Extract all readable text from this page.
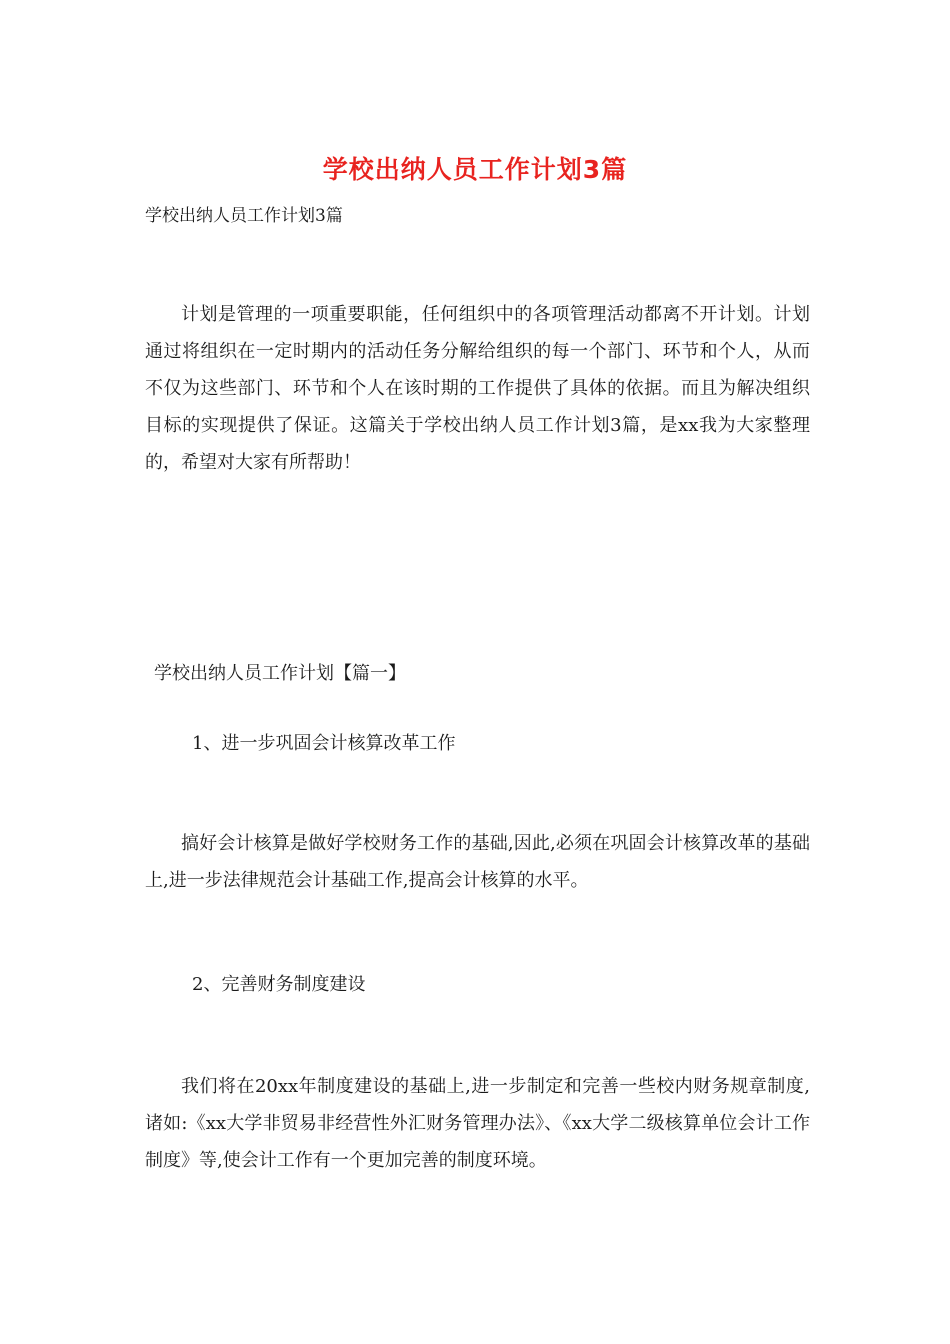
学校出纳人员工作计划3篇

学校出纳人员工作计划3篇

计划是管理的一项重要职能，任何组织中的各项管理活动都离不开计划。计划通过将组织在一定时期内的活动任务分解给组织的每一个部门、环节和个人，从而不仅为这些部门、环节和个人在该时期的工作提供了具体的依据。而且为解决组织目标的实现提供了保证。这篇关于学校出纳人员工作计划3篇，是xx我为大家整理的，希望对大家有所帮助！

学校出纳人员工作计划【篇一】

1、进一步巩固会计核算改革工作

搞好会计核算是做好学校财务工作的基础,因此,必须在巩固会计核算改革的基础上,进一步法律规范会计基础工作,提高会计核算的水平。

2、完善财务制度建设

我们将在20xx年制度建设的基础上,进一步制定和完善一些校内财务规章制度,诸如:《xx大学非贸易非经营性外汇财务管理办法》、《xx大学二级核算单位会计工作制度》等,使会计工作有一个更加完善的制度环境。
